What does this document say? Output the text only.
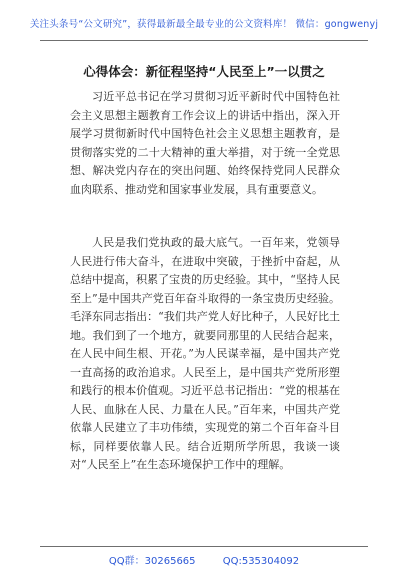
关注头条号“公文研究”，获得最新最全最专业的公文资料库！ 微信：gongwenyj
心得体会：新征程坚持“人民至上”一以贯之

习近平总书记在学习贯彻习近平新时代中国特色社会主义思想主题教育工作会议上的讲话中指出，深入开展学习贯彻新时代中国特色社会主义思想主题教育，是贯彻落实党的二十大精神的重大举措，对于统一全党思想、解决党内存在的突出问题、始终保持党同人民群众血肉联系、推动党和国家事业发展，具有重要意义。

人民是我们党执政的最大底气。一百年来，党领导人民进行伟大奋斗，在进取中突破，于挫折中奋起，从总结中提高，积累了宝贵的历史经验。其中，“坚持人民至上”是中国共产党百年奋斗取得的一条宝贵历史经验。毛泽东同志指出：“我们共产党人好比种子，人民好比土地。我们到了一个地方，就要同那里的人民结合起来，在人民中间生根、开花。”为人民谋幸福，是中国共产党一直高扬的政治追求。人民至上，是中国共产党所形塑和践行的根本价值观。习近平总书记指出：“党的根基在人民、血脉在人民、力量在人民。”百年来，中国共产党依靠人民建立了丰功伟绩，实现党的第二个百年奋斗目标，同样要依靠人民。结合近期所学所思，我谈一谈对“人民至上”在生态环境保护工作中的理解。

QQ群：30265665	QQ:535304092
